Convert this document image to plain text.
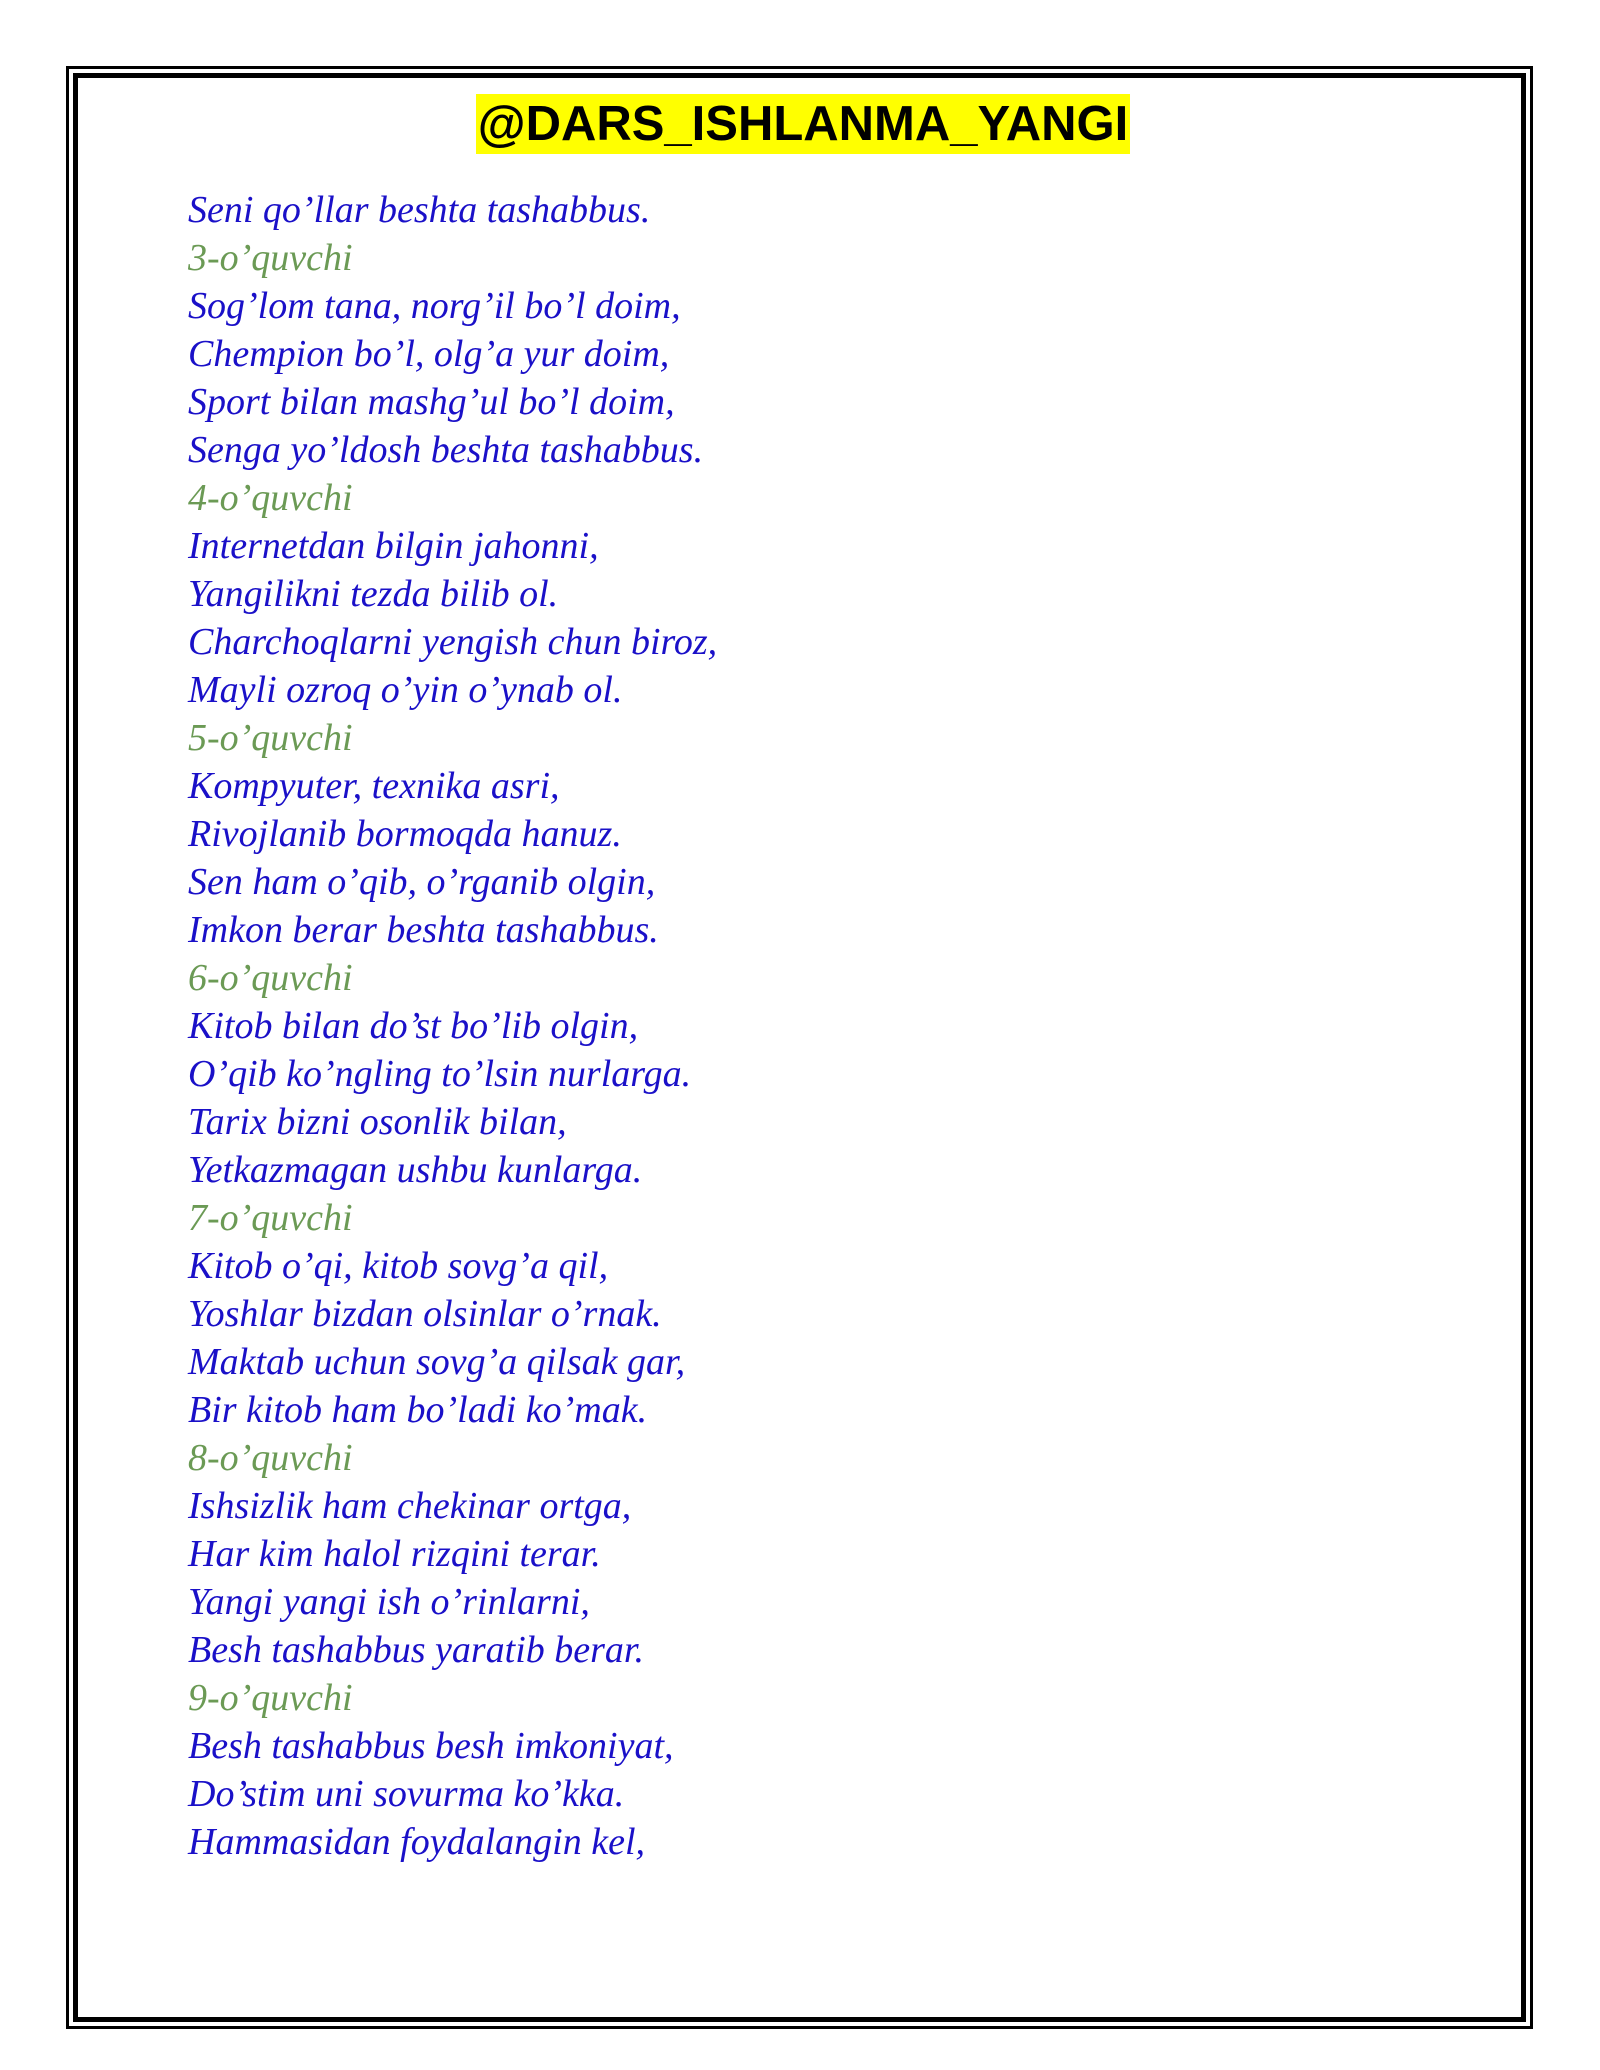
@DARS_ISHLANMA_YANGI
Seni qo’llar beshta tashabbus.
3-o’quvchi
Sog’lom tana, norg’il bo’l doim,
Chempion bo’l, olg’a yur doim,
Sport bilan mashg’ul bo’l doim,
Senga yo’ldosh beshta tashabbus.
4-o’quvchi
Internetdan bilgin jahonni,
Yangilikni tezda bilib ol.
Charchoqlarni yengish chun biroz,
Mayli ozroq o’yin o’ynab ol.
5-o’quvchi
Kompyuter, texnika asri,
Rivojlanib bormoqda hanuz.
Sen ham o’qib, o’rganib olgin,
Imkon berar beshta tashabbus.
6-o’quvchi
Kitob bilan do’st bo’lib olgin,
O’qib ko’ngling to’lsin nurlarga.
Tarix bizni osonlik bilan,
Yetkazmagan ushbu kunlarga.
7-o’quvchi
Kitob o’qi, kitob sovg’a qil,
Yoshlar bizdan olsinlar o’rnak.
Maktab uchun sovg’a qilsak gar,
Bir kitob ham bo’ladi ko’mak.
8-o’quvchi
Ishsizlik ham chekinar ortga,
Har kim halol rizqini terar.
Yangi yangi ish o’rinlarni,
Besh tashabbus yaratib berar.
9-o’quvchi
Besh tashabbus besh imkoniyat,
Do’stim uni sovurma ko’kka.
Hammasidan foydalangin kel,
